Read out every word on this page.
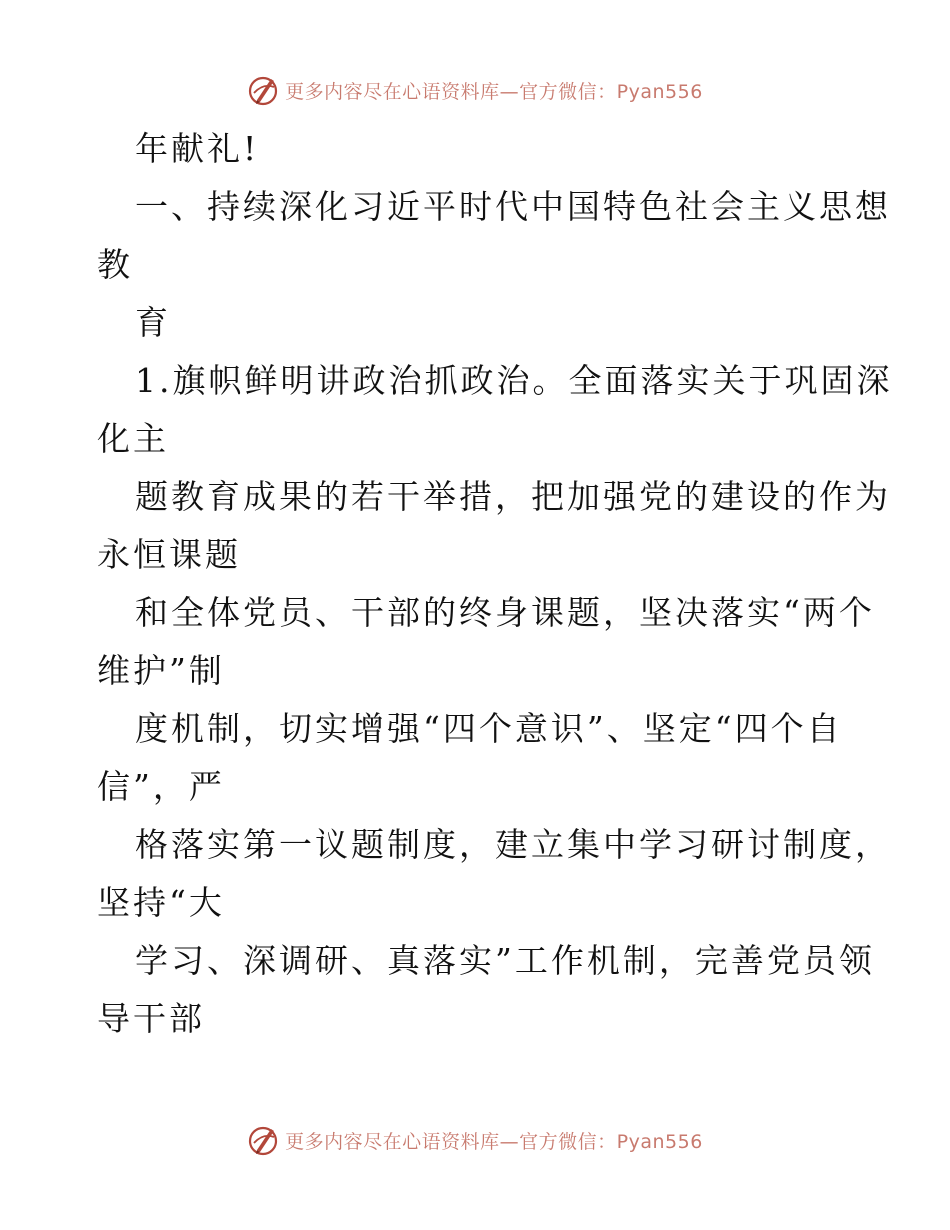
更多内容尽在心语资料库—官方微信：Pyan556
年献礼!
一、持续深化习近平时代中国特色社会主义思想
教
育
1.旗帜鲜明讲政治抓政治。全面落实关于巩固深
化主
题教育成果的若干举措，把加强党的建设的作为
永恒课题
和全体党员、干部的终身课题，坚决落实“两个
维护”制
度机制，切实增强“四个意识”、坚定“四个自
信”，严
格落实第一议题制度，建立集中学习研讨制度，
坚持“大
学习、深调研、真落实”工作机制，完善党员领
导干部
更多内容尽在心语资料库—官方微信：Pyan556
